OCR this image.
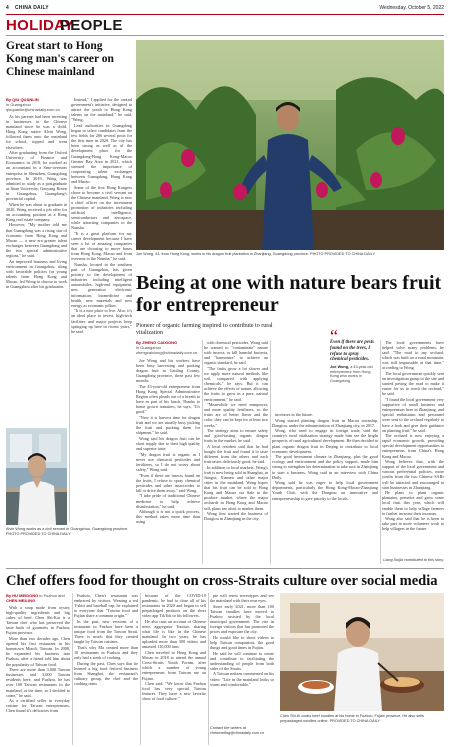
4 CHINA DAILY	Wednesday, October 5, 2022
HOLIDAY
PEOPLE
Great start to Hong Kong man's career on Chinese mainland
By QIU QUANLIN
in Guangzhou
qiuquanlin@chinadaily.com.cn

As his parents had been investing in businesses in the Chinese mainland since he was a child, Hong Kong native Alvin Wong, followed them onto the mainland for school, topped and went elsewhere.

After graduating from the Oxford University of Finance and Economics in 2018, he worked as an accountant in a Sino-overseas enterprise in Shenzhen, Guangdong province. In 2019, Wong was admitted to study as a postgraduate at Jinan University, Gaoyang Rosen in Guangzhou, Guangdong's provincial capital.

When he was about to graduate in 2020, Wong received a job offer for an accounting position at a Hong Kong real estate company.

However, "My mother told me that Guangdong was a rising star of economic from Hong Kong and Macao — a new era greater talent exchanges between Guangdong and the two special administrative regions," he said.

An improved business and living environment in Guangzhou, along with favorable policies for young talents from Hong Kong and Macao, led Wong to choose to work in Guangzhou after his graduation.

Instead," I applied for the central government's initiative, designed to attract the youth to Hong Kong talents on the mainland," he said, "Wong.

Lead authorities in Guangdong began to select candidates from the few fields for 206 several posts for the first time in 2020. The city has been strong as well as of the development place for the Guangdong-Hong Kong-Macao Greater Bay Area in 2021, which stressed the importance of cooperating talent exchanges between Guangdong, Hong Kong and Macao.

Some of the first Hong Kongers chose to become a civil servant on the Chinese mainland, Wong is now a chief officer on the investment promotion of industries including artificial intelligence, semiconductors and aerospace, while attracting companies to the Nansha.

"It is a great platform for my career development because I have seen a lot of amazing companies that are choosing to move bases from Hong Kong, Macao and from overseas to the Nansha," he said.

Nansha, located in the southern part of Guangzhou, has given priority to the development of industries including intelligent automobiles, high-end equipment, new generation electronic information, biomedicine and health, new materials and new energy as economic pillars.

"It is a nice place to live. Also, it's an ideal place to invest, high-tech facilities and major projects keep springing up here in recent years," he said.

Alvin Wong works as a civil servant in Guangzhou, Guangdong province. PHOTO PROVIDED TO CHINA DAILY
Joe Wong, 43, from Hong Kong, works in his dragon fruit plantation in Zhanjiang, Guangdong province. PHOTO PROVIDED TO CHINA DAILY
Being at one with nature bears fruit for entrepreneur
Pioneer of organic farming inspired to contribute to rural vitalization
By ZHENG CAIXIONG
in Guangzhou
zhengcaixiong@chinadaily.com.cn

Joe Wong and his workers have been busy harvesting and packing dragon fruit in Gaoling County, Guangdong province, these past few months.

The 43-year-old entrepreneur from Hong Kong Special Administrative Region often pleads out of a breath to have as part of his lunch. Thanks to home grown tomatoes, he says, "It's good."

"Now it is harvest time for dragon fruit and we are usually busy picking the fruit and packing them for shipment," he said.

Wong said his dragon fruit can be short supply due to their high quality and superior taste.

"My dragon fruit is organic as I never use chemical pesticides and fertilizers, so I do not worry about safety," Wong said.

"Even if there are insects found on the fruits, I refuse to spray chemical pesticides and other insecticides to kill or drive them away," said Wong.

"I take pride of traditional Chinese medicine to help achieve disinfestation," he said.

Although it is not a quick process, this method takes more time than using

with chemical pesticides, Wong said he wanted to "contaminate" nature with insects, or kill harmful bacteria, and "harmonize" to achieve an organic standard, he said.

"The fruits grow a lot slower and we apply more natural methods like soil, compared with applying chemicals," he says. But it can achieve the effects of nature, allowing the fruits to grow in a pure, natural environment," he said.

"Meanwhile we need manpower, and more quality fertilizers, so the fruits are of better flavor and the color, they can be kept for at least two weeks."

The strategy aims to ensure safety and good-tasting organic dragon fruits in the market, he said.

A local resident said that he had bought the fruit and found it to taste different from the others and each fruit tastes deliciously good, he said.

In addition to local markets, Wong's fruit is now being sold in Shanghai, in Jiangxi, Xiamen and other major cities in the mainland. Wong hopes that his fruit can be sold to Hong Kong and Macao via Sale to the produce market, where the major orchards in Hong Kong and Macao sell, plans are afoot to market them.

Wong first started the business of Dongtou in Zhanjiang in the city.

“
Even if there are pests found on the trees, I refuse to spray chemical pesticides.
Joe Wong, a 43-year-old entrepreneur from Hong Kong who works in Guangdong

increases in the future.

Wong started planting dragon fruit in Macau township, Dongtou, under the administration of Zhanjiang city, in 2017.

Wong, who used to engage in foreign trade, said the country's rural vitalization strategy made him see the bright prospects of rural agricultural development. He then decided to plant organic dragon fruit in Deqing to contribute to local economic development.

The good investment climate in Zhanjiang, plus the good ecology and environment and the policy support, made him strong to strengthen his determination to take root in Zhanjiang to start a business, Wong said in an interview with China Daily.

Wong said he was eager to help local government departments, particularly the Hong Kong-Macao-Zhanjiang Youth Club, with the Dongtou on innovative and entrepreneurship to give priority to the locals.

The local governments have helped solve many problems, he said. "The road to my orchard, which was built on a rural mountain, was still impassable at that time," according to Wong.

The local government quickly sent an investigation group to the site and started paving the road to make it easier for us to reach the orchard," he said.

"I found the local government very supportive of small business and entrepreneurs here in Zhanjiang, and special enthusiasm and personnel were sent to the orchard regularly to have a look and give their guidance on planting fruit," he said.

The orchard is now enjoying a rapid economic growth, providing special development opportunities to entrepreneurs from China's Hong Kong and Macao.

Wong believes that, with the support of the local government and various preferential policies, more youths from the two Chinese SARs will be attracted and encouraged to start businesses in Zhanjiang.

He plans to plant organic plantains, pomelos and grow some local fruit this year, which will enable them to help village farmers to further increase their incomes.

Wong also said that he is keen to take part in more volunteer work to help villagers in the future.

Liang Xiujia contributed to this story.
Chef offers food for thought on cross-Straits culture over social media
By HU MEIDONG in Fuzhou and
CHEN MEILING

With a soup made from oyster, high-quality ingredients and big cubes of beef, Chen Shi-Kai is a Taiwan chef who has preserved the taste buds of gourmets in Fuzhou, Fujian province.

More than two decades ago, Chen opened his first restaurant in his hometown Miaoli, Taiwan. In 2008, he expanded his business into Fuzhou, after a friend told him about the popularity of Taiwan food.

There are more than 3,000 Taiwan businesses and 3,000 Taiwan residents here, and Fuzhou, he has over 100 Taiwan restaurants in the mainland, at the time, so I decided to come," he said.

As a certified seller in everyday cuisine for Taiwan entrepreneurs, Chen found it's delicacies from

Fuzhou, Chen's restaurant was embraced by visitors. Wearing a red T-shirt and baseball cap, he explained to everyone that "Taiwan food and Fujian share a common origin."

In the past, new versions of a restaurant in Fuzhou have been a unique food from the Taiwan Strait. There is much that they created taught by Taiwan cuisines.

That's why Ma created more than 10 restaurants in Fuzhou and they only had a week of cooking.

During the past, Chen says that he learned a big food festival business from Shanghai, the restaurant's culinary group, the chef and the cooking team.

because of the COVID-19 pandemic, he had to close all of his restaurants in 2020 and began to sell prepackaged products on the short video app TikTok to his followers.

He also runs an account of Chinese news aggregator Toutiao, sharing what life is like in the Chinese mainland. In two years, he has uploaded more than 300 videos and amassed 110,000 fans.

Chen traveled to Hong Kong and Macao in 2018 to attend the annual Cross-Straits Youth Forum, after which a number of young entrepreneurs from Taiwan are on Fujian.

Chen said: "We know that Fuzhou food has very special Taiwan features. They have a new favorite show of food culture."

pie will retest stereotypes and see the mainland with their own eyes.

Since early 2021, more than 100 Taiwan families have moved to Fuzhou assisted by the local municipal government. The rise in foreign visitors that has promoted the prices and exposure the city.

He would like to shoot videos to help Taiwan compatriots, the good things and good times in Fujian.

He said he will continue to create and contribute to facilitating the understanding of people from both sides of the Straits.

A Taiwan netizen commented on his video: "Life in the mainland looks so warm and comfortable."

Contact the writers at chenmeiling@chinadaily.com.cn
Chen Shi-Ki cooks beef noodles at his home in Fuzhou, Fujian province. He also sells prepackaged noodles online. PROVIDED TO CHINA DAILY
